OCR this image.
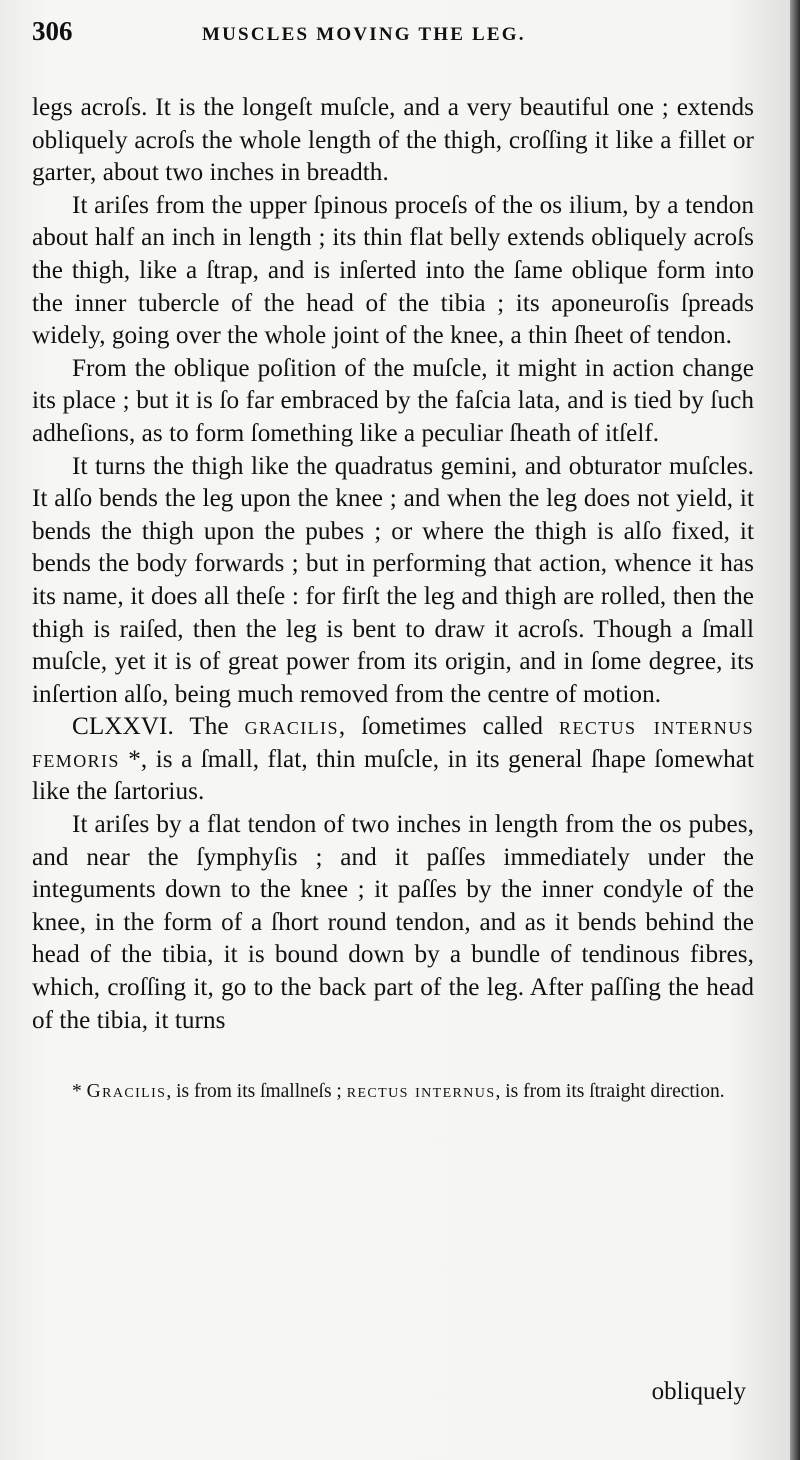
306	MUSCLES MOVING THE LEG.

legs acroſs. It is the longeſt muſcle, and a very beautiful one ; extends obliquely acroſs the whole length of the thigh, croſſing it like a fillet or garter, about two inches in breadth.

It ariſes from the upper ſpinous proceſs of the os ilium, by a tendon about half an inch in length ; its thin flat belly extends obliquely acroſs the thigh, like a ſtrap, and is inſerted into the ſame oblique form into the inner tubercle of the head of the tibia ; its aponeuroſis ſpreads widely, going over the whole joint of the knee, a thin ſheet of tendon.

From the oblique poſition of the muſcle, it might in action change its place ; but it is ſo far embraced by the faſcia lata, and is tied by ſuch adheſions, as to form ſomething like a peculiar ſheath of itſelf.

It turns the thigh like the quadratus gemini, and obturator muſcles. It alſo bends the leg upon the knee ; and when the leg does not yield, it bends the thigh upon the pubes ; or where the thigh is alſo fixed, it bends the body forwards ; but in performing that action, whence it has its name, it does all theſe : for firſt the leg and thigh are rolled, then the thigh is raiſed, then the leg is bent to draw it acroſs. Though a ſmall muſcle, yet it is of great power from its origin, and in ſome degree, its inſertion alſo, being much removed from the centre of motion.

CLXXVI. The gracilis, ſometimes called rectus internus femoris *, is a ſmall, flat, thin muſcle, in its general ſhape ſomewhat like the ſartorius.

It ariſes by a flat tendon of two inches in length from the os pubes, and near the ſymphyſis ; and it paſſes immediately under the integuments down to the knee ; it paſſes by the inner condyle of the knee, in the form of a ſhort round tendon, and as it bends behind the head of the tibia, it is bound down by a bundle of tendinous fibres, which, croſſing it, go to the back part of the leg. After paſſing the head of the tibia, it turns

* Gracilis, is from its ſmallneſs ; rectus internus, is from its ſtraight direction.
obliquely
